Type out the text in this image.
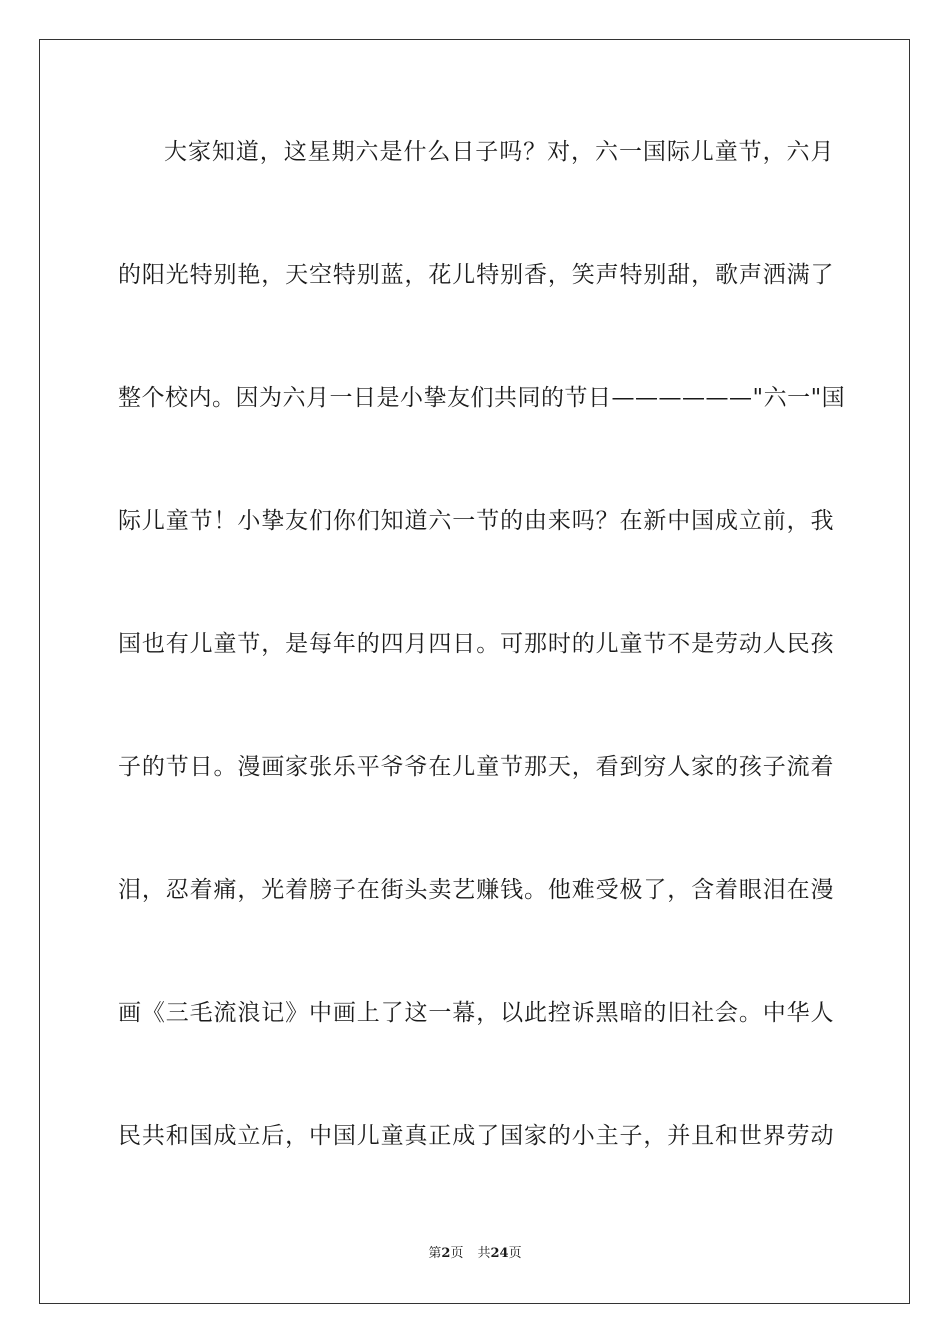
大家知道，这星期六是什么日子吗？对，六一国际儿童节，六月
的阳光特别艳，天空特别蓝，花儿特别香，笑声特别甜，歌声洒满了
整个校内。因为六月一日是小挚友们共同的节日——————"六一"国
际儿童节！小挚友们你们知道六一节的由来吗？在新中国成立前，我
国也有儿童节，是每年的四月四日。可那时的儿童节不是劳动人民孩
子的节日。漫画家张乐平爷爷在儿童节那天，看到穷人家的孩子流着
泪，忍着痛，光着膀子在街头卖艺赚钱。他难受极了，含着眼泪在漫
画《三毛流浪记》中画上了这一幕，以此控诉黑暗的旧社会。中华人
民共和国成立后，中国儿童真正成了国家的小主子，并且和世界劳动
第2页 共24页
